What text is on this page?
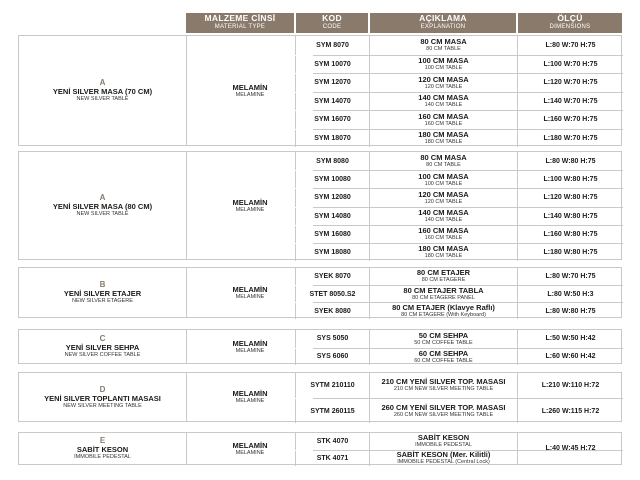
MALZEME CİNSİ
MATERIAL TYPE
KOD
CODE
AÇIKLAMA
EXPLANATION
ÖLÇÜ
DIMENSIONS
A
YENİ SILVER MASA (70 CM)
NEW SILVER TABLE
MELAMİN
MELAMINE
SYM 8070	80 CM MASA
80 CM TABLE
L:80 W:70 H:75
SYM 10070	100 CM MASA
100 CM TABLE
L:100 W:70 H:75
SYM 12070	120 CM MASA
120 CM TABLE
L:120 W:70 H:75
SYM 14070	140 CM MASA
140 CM TABLE
L:140 W:70 H:75
SYM 16070	160 CM MASA
160 CM TABLE
L:160 W:70 H:75
SYM 18070	180 CM MASA
180 CM TABLE
L:180 W:70 H:75
A
YENİ SILVER MASA (80 CM)
NEW SILVER TABLE
MELAMİN
MELAMINE
SYM 8080	80 CM MASA
80 CM TABLE
L:80 W:80 H:75
SYM 10080	100 CM MASA
100 CM TABLE
L:100 W:80 H:75
SYM 12080	120 CM MASA
120 CM TABLE
L:120 W:80 H:75
SYM 14080	140 CM MASA
140 CM TABLE
L:140 W:80 H:75
SYM 16080	160 CM MASA
160 CM TABLE
L:160 W:80 H:75
SYM 18080	180 CM MASA
180 CM TABLE
L:180 W:80 H:75
B
YENİ SILVER ETAJER
NEW SILVER ETAGERE
MELAMİN
MELAMINE
SYEK 8070	80 CM ETAJER
80 CM ETAGERE
L:80 W:70 H:75
STET 8050.S2	80 CM ETAJER TABLA
80 CM ETAGERE PANEL
L:80 W:50 H:3
SYEK 8080	80 CM ETAJER (Klavye Raflı)
80 CM ETAGERE (With Keyboard)
L:80 W:80 H:75
C
YENİ SILVER SEHPA
NEW SILVER COFFEE TABLE
MELAMİN
MELAMINE
SYS 5050	50 CM SEHPA
50 CM COFFEE TABLE
L:50 W:50 H:42
SYS 6060	60 CM SEHPA
60 CM COFFEE TABLE
L:60 W:60 H:42
D
YENİ SILVER TOPLANTI MASASI
NEW SILVER MEETING TABLE
MELAMİN
MELAMINE
SYTM 210110	210 CM YENİ SILVER TOP. MASASI
210 CM NEW SILVER MEETING TABLE
L:210 W:110 H:72
SYTM 260115	260 CM YENİ SILVER TOP. MASASI
260 CM NEW SILVER MEETING TABLE
L:260 W:115 H:72
E
SABİT KESON
IMMOBILE PEDESTAL
MELAMİN
MELAMINE
STK 4070	SABİT KESON
IMMOBILE PEDESTAL
STK 4071	SABİT KESON (Mer. Kilitli)
IMMOBILE PEDESTAL (Central Lock)
L:40 W:45 H:72
